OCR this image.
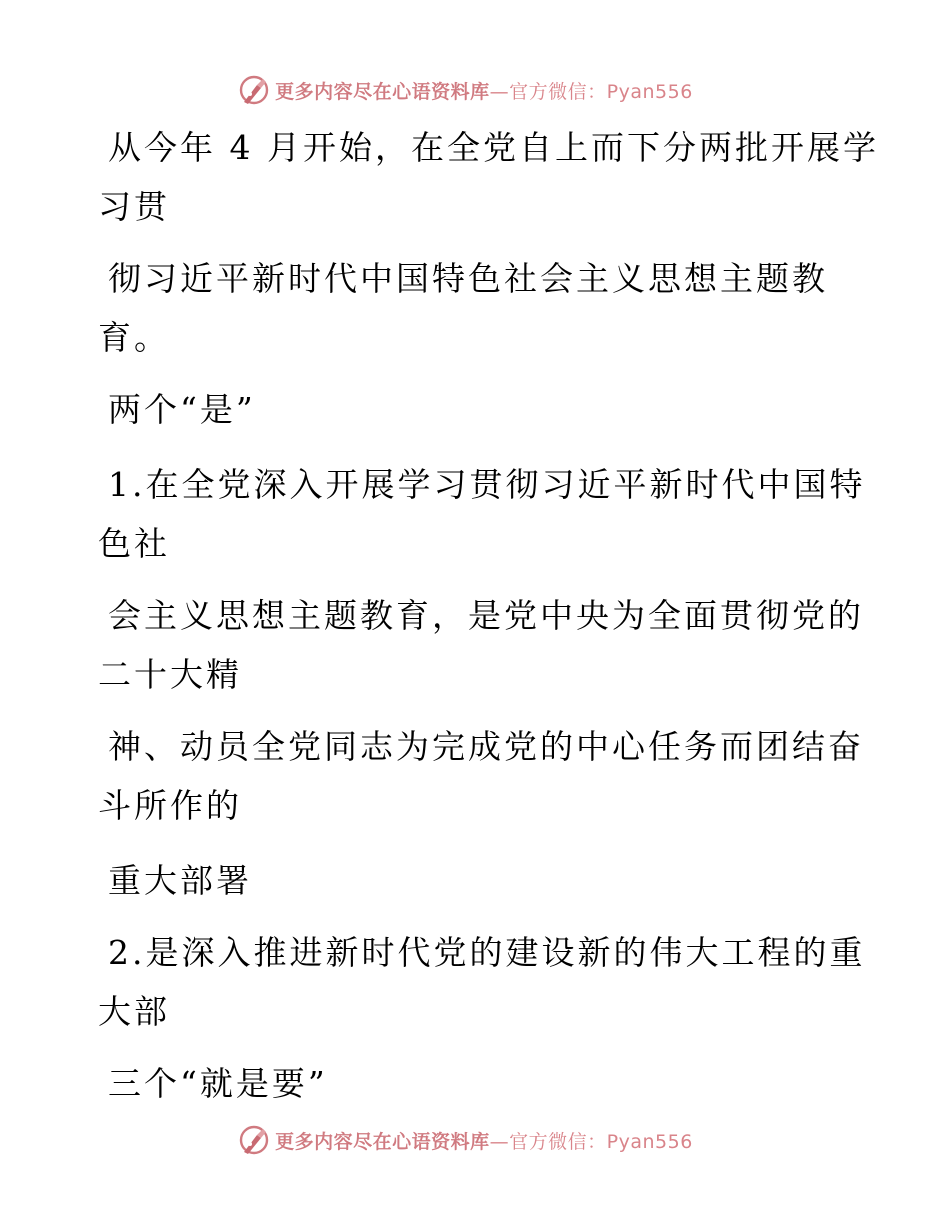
更多内容尽在心语资料库—官方微信：Pyan556
从今年 4 月开始，在全党自上而下分两批开展学
习贯
彻习近平新时代中国特色社会主义思想主题教
育。
两个“是”
1.在全党深入开展学习贯彻习近平新时代中国特
色社
会主义思想主题教育，是党中央为全面贯彻党的
二十大精
神、动员全党同志为完成党的中心任务而团结奋
斗所作的
重大部署
2.是深入推进新时代党的建设新的伟大工程的重
大部
三个“就是要”
更多内容尽在心语资料库—官方微信：Pyan556
